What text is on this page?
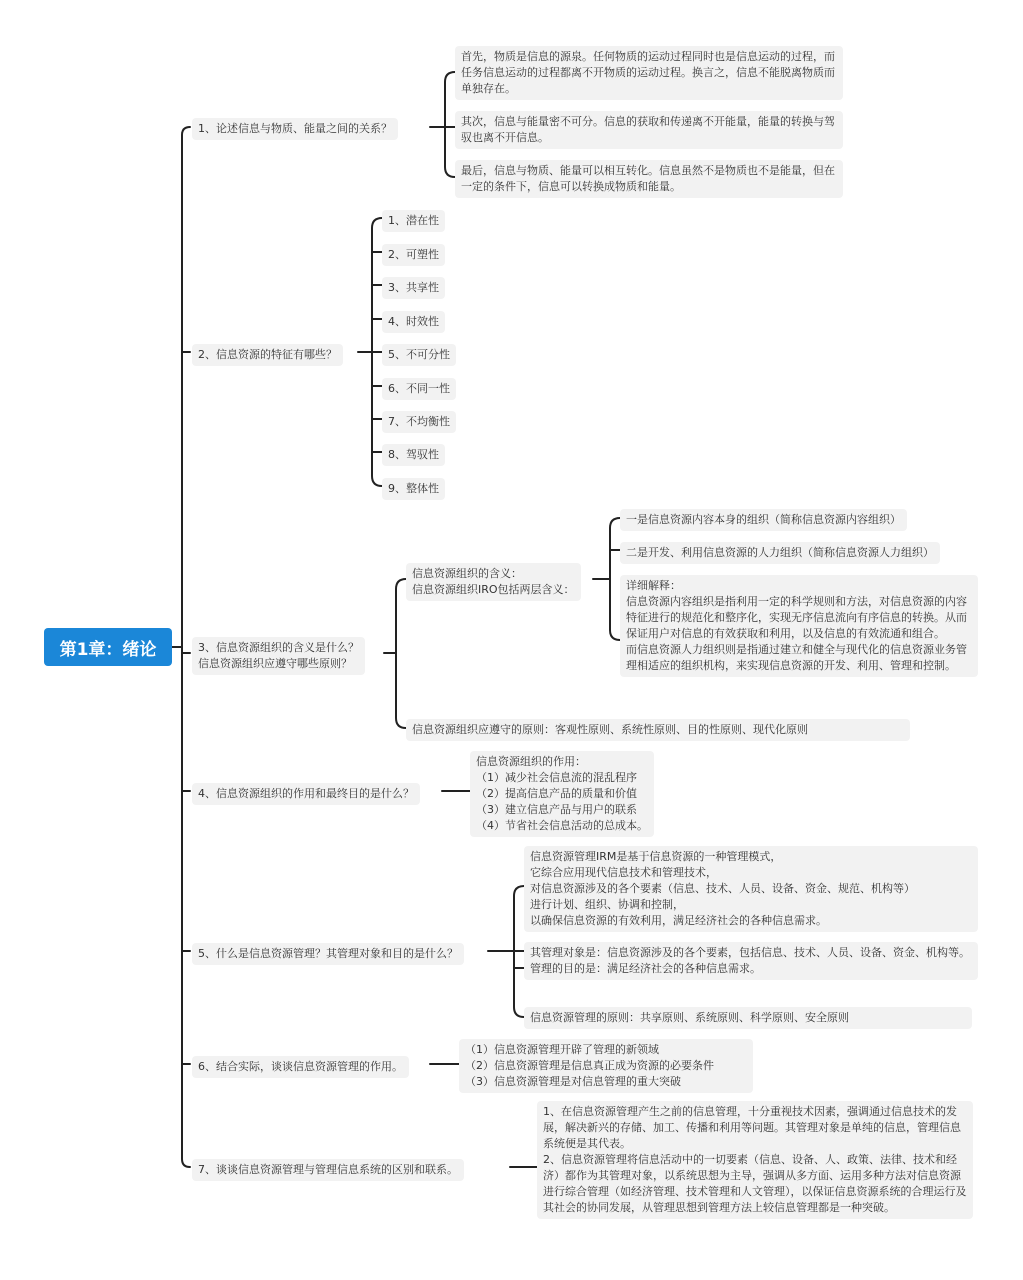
第1章：绪论
1、论述信息与物质、能量之间的关系？
首先，物质是信息的源泉。任何物质的运动过程同时也是信息运动的过程，而任务信息运动的过程都离不开物质的运动过程。换言之，信息不能脱离物质而单独存在。
其次，信息与能量密不可分。信息的获取和传递离不开能量，能量的转换与驾驭也离不开信息。
最后，信息与物质、能量可以相互转化。信息虽然不是物质也不是能量，但在一定的条件下，信息可以转换成物质和能量。
2、信息资源的特征有哪些？
1、潜在性
2、可塑性
3、共享性
4、时效性
5、不可分性
6、不同一性
7、不均衡性
8、驾驭性
9、整体性
3、信息资源组织的含义是什么？
信息资源组织应遵守哪些原则？
信息资源组织的含义：
信息资源组织IRO包括两层含义：
一是信息资源内容本身的组织（简称信息资源内容组织）
二是开发、利用信息资源的人力组织（简称信息资源人力组织）
详细解释：
信息资源内容组织是指利用一定的科学规则和方法，对信息资源的内容特征进行的规范化和整序化，实现无序信息流向有序信息的转换。从而保证用户对信息的有效获取和利用，以及信息的有效流通和组合。
而信息资源人力组织则是指通过建立和健全与现代化的信息资源业务管理相适应的组织机构，来实现信息资源的开发、利用、管理和控制。
信息资源组织应遵守的原则：客观性原则、系统性原则、目的性原则、现代化原则
4、信息资源组织的作用和最终目的是什么？
信息资源组织的作用：
（1）减少社会信息流的混乱程序
（2）提高信息产品的质量和价值
（3）建立信息产品与用户的联系
（4）节省社会信息活动的总成本。
5、什么是信息资源管理？其管理对象和目的是什么？
信息资源管理IRM是基于信息资源的一种管理模式，
它综合应用现代信息技术和管理技术，
对信息资源涉及的各个要素（信息、技术、人员、设备、资金、规范、机构等）
进行计划、组织、协调和控制，
以确保信息资源的有效利用，满足经济社会的各种信息需求。
其管理对象是：信息资源涉及的各个要素，包括信息、技术、人员、设备、资金、机构等。
管理的目的是：满足经济社会的各种信息需求。
信息资源管理的原则：共享原则、系统原则、科学原则、安全原则
6、结合实际，谈谈信息资源管理的作用。
（1）信息资源管理开辟了管理的新领域
（2）信息资源管理是信息真正成为资源的必要条件
（3）信息资源管理是对信息管理的重大突破
7、谈谈信息资源管理与管理信息系统的区别和联系。
1、在信息资源管理产生之前的信息管理，十分重视技术因素，强调通过信息技术的发展，解决新兴的存储、加工、传播和利用等问题。其管理对象是单纯的信息，管理信息系统便是其代表。
2、信息资源管理将信息活动中的一切要素（信息、设备、人、政策、法律、技术和经济）都作为其管理对象，以系统思想为主导，强调从多方面、运用多种方法对信息资源进行综合管理（如经济管理、技术管理和人文管理），以保证信息资源系统的合理运行及其社会的协同发展，从管理思想到管理方法上较信息管理都是一种突破。
